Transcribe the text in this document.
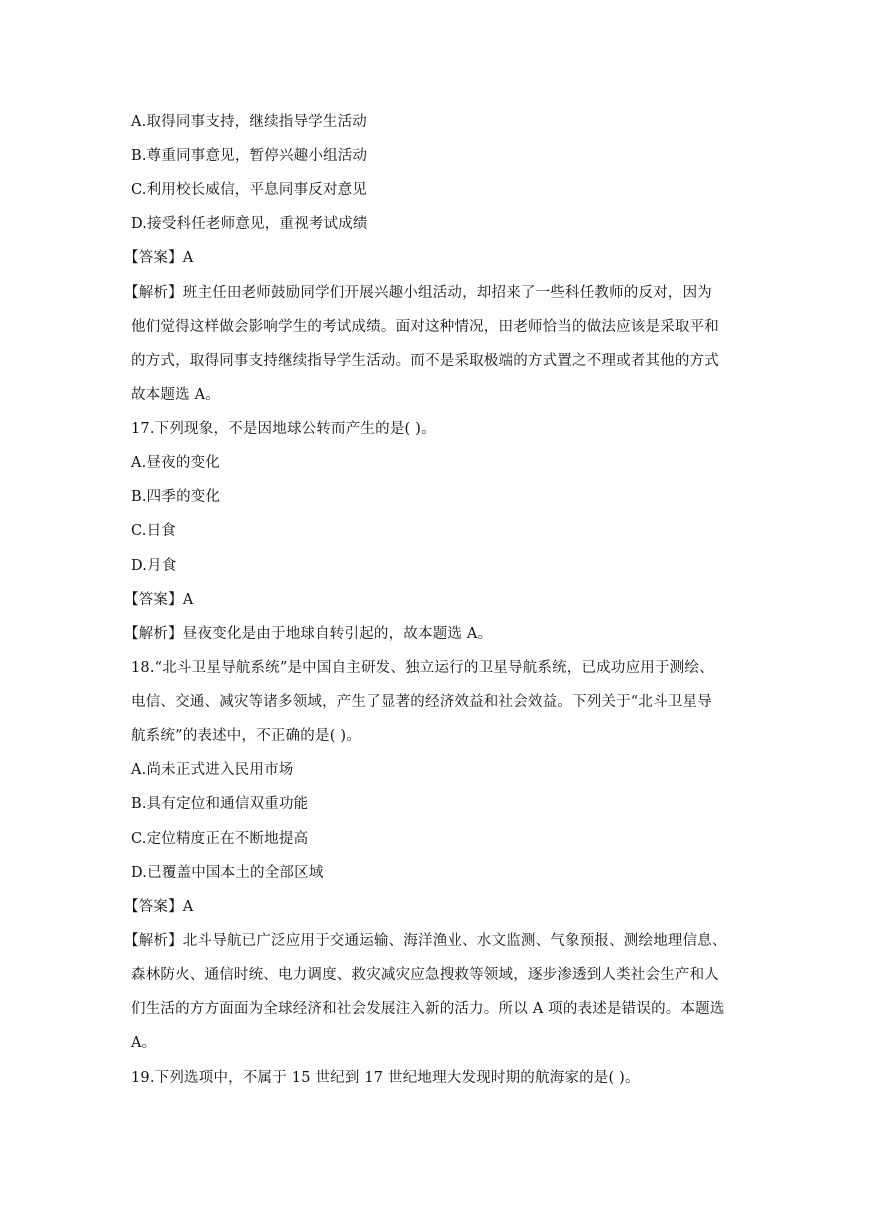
A.取得同事支持，继续指导学生活动
B.尊重同事意见，暂停兴趣小组活动
C.利用校长威信，平息同事反对意见
D.接受科任老师意见，重视考试成绩
【答案】A
【解析】班主任田老师鼓励同学们开展兴趣小组活动，却招来了一些科任教师的反对，因为
他们觉得这样做会影响学生的考试成绩。面对这种情况，田老师恰当的做法应该是采取平和
的方式，取得同事支持继续指导学生活动。而不是采取极端的方式置之不理或者其他的方式
故本题选 A。
17.下列现象，不是因地球公转而产生的是( )。
A.昼夜的变化
B.四季的变化
C.日食
D.月食
【答案】A
【解析】昼夜变化是由于地球自转引起的，故本题选 A。
18.“北斗卫星导航系统”是中国自主研发、独立运行的卫星导航系统，已成功应用于测绘、
电信、交通、减灾等诸多领域，产生了显著的经济效益和社会效益。下列关于“北斗卫星导
航系统”的表述中，不正确的是( )。
A.尚未正式进入民用市场
B.具有定位和通信双重功能
C.定位精度正在不断地提高
D.已覆盖中国本土的全部区域
【答案】A
【解析】北斗导航已广泛应用于交通运输、海洋渔业、水文监测、气象预报、测绘地理信息、
森林防火、通信时统、电力调度、救灾减灾应急搜救等领域，逐步渗透到人类社会生产和人
们生活的方方面面为全球经济和社会发展注入新的活力。所以 A 项的表述是错误的。本题选
A。
19.下列选项中，不属于 15 世纪到 17 世纪地理大发现时期的航海家的是( )。
